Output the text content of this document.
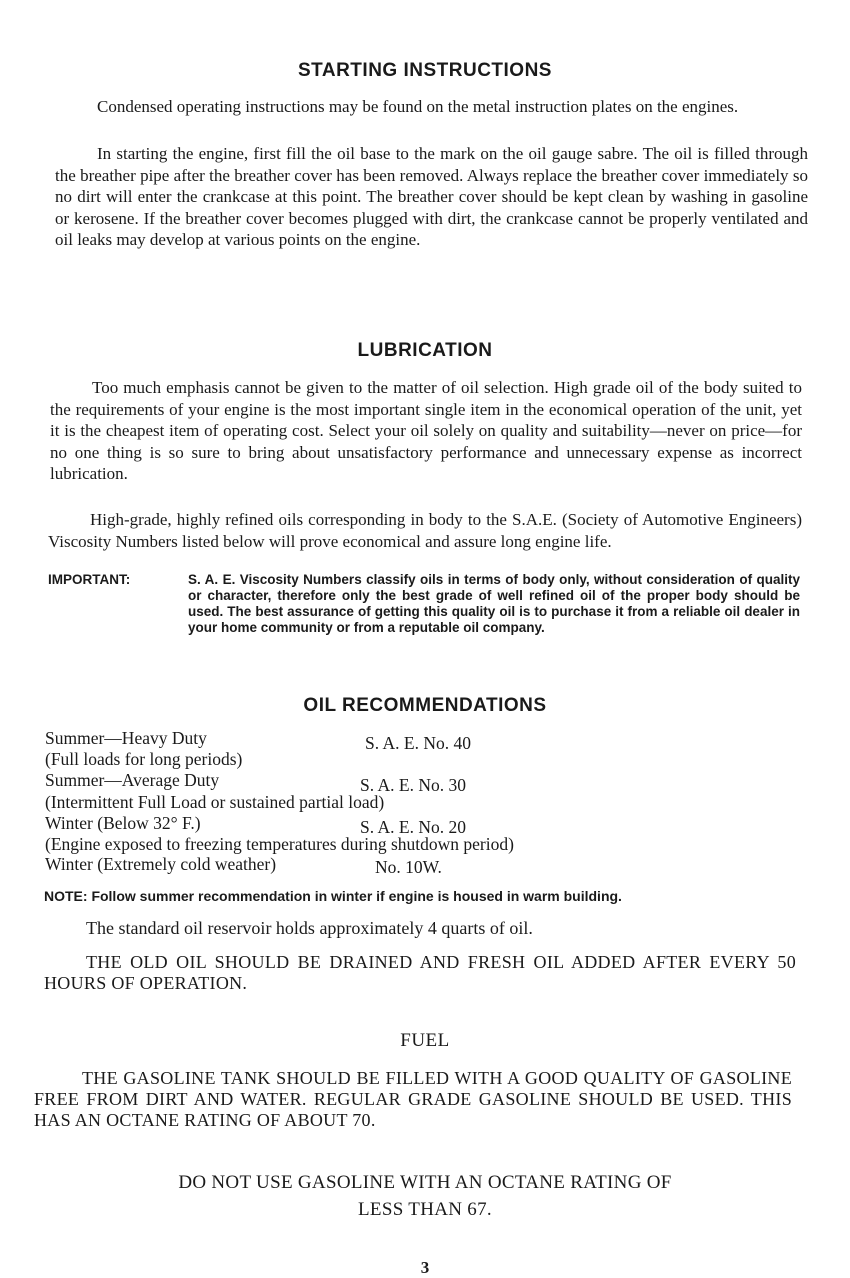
STARTING INSTRUCTIONS

Condensed operating instructions may be found on the metal instruction plates on the engines.

In starting the engine, first fill the oil base to the mark on the oil gauge sabre. The oil is filled through the breather pipe after the breather cover has been removed. Always replace the breather cover immediately so no dirt will enter the crankcase at this point. The breather cover should be kept clean by washing in gasoline or kerosene. If the breather cover becomes plugged with dirt, the crankcase cannot be properly ventilated and oil leaks may develop at various points on the engine.

LUBRICATION

Too much emphasis cannot be given to the matter of oil selection. High grade oil of the body suited to the requirements of your engine is the most important single item in the economical operation of the unit, yet it is the cheapest item of operating cost. Select your oil solely on quality and suitability—never on price—for no one thing is so sure to bring about unsatisfactory performance and unnecessary expense as incorrect lubrication.

High-grade, highly refined oils corresponding in body to the S.A.E. (Society of Automotive Engineers) Viscosity Numbers listed below will prove economical and assure long engine life.

IMPORTANT:	S. A. E. Viscosity Numbers classify oils in terms of body only, without consideration of quality or character, therefore only the best grade of well refined oil of the proper body should be used. The best assurance of getting this quality oil is to purchase it from a reliable oil dealer in your home community or from a reputable oil company.
OIL RECOMMENDATIONS
Summer—Heavy Duty	S. A. E. No. 40
(Full loads for long periods)
Summer—Average Duty	S. A. E. No. 30
(Intermittent Full Load or sustained partial load)
Winter (Below 32° F.)	S. A. E. No. 20
(Engine exposed to freezing temperatures during shutdown period)
Winter (Extremely cold weather)	No. 10W.
NOTE: Follow summer recommendation in winter if engine is housed in warm building.
The standard oil reservoir holds approximately 4 quarts of oil.
THE OLD OIL SHOULD BE DRAINED AND FRESH OIL ADDED AFTER EVERY 50 HOURS OF OPERATION.
FUEL
THE GASOLINE TANK SHOULD BE FILLED WITH A GOOD QUALITY OF GASOLINE FREE FROM DIRT AND WATER. REGULAR GRADE GASOLINE SHOULD BE USED. THIS HAS AN OCTANE RATING OF ABOUT 70.
DO NOT USE GASOLINE WITH AN OCTANE RATING OF
LESS THAN 67.
3
